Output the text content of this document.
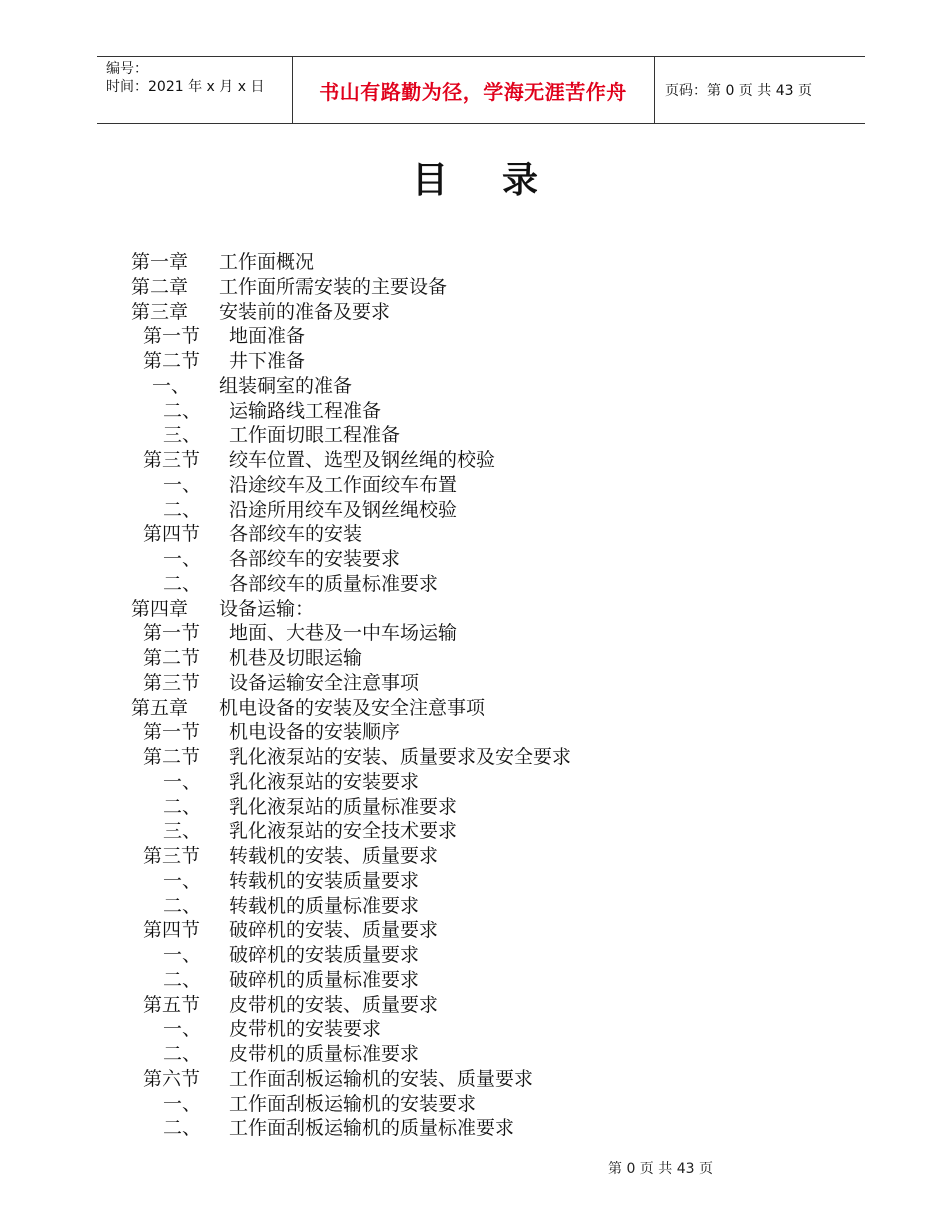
编号：
时间：2021 年 x 月 x 日	书山有路勤为径，学海无涯苦作舟	页码：第 0 页 共 43 页
目录
第一章 工作面概况
第二章 工作面所需安装的主要设备
第三章 安装前的准备及要求
第一节 地面准备
第二节 井下准备
一、 组装硐室的准备
二、 运输路线工程准备
三、 工作面切眼工程准备
第三节 绞车位置、选型及钢丝绳的校验
一、 沿途绞车及工作面绞车布置
二、 沿途所用绞车及钢丝绳校验
第四节 各部绞车的安装
一、 各部绞车的安装要求
二、 各部绞车的质量标准要求
第四章 设备运输：
第一节 地面、大巷及一中车场运输
第二节 机巷及切眼运输
第三节 设备运输安全注意事项
第五章 机电设备的安装及安全注意事项
第一节 机电设备的安装顺序
第二节 乳化液泵站的安装、质量要求及安全要求
一、 乳化液泵站的安装要求
二、 乳化液泵站的质量标准要求
三、 乳化液泵站的安全技术要求
第三节 转载机的安装、质量要求
一、 转载机的安装质量要求
二、 转载机的质量标准要求
第四节 破碎机的安装、质量要求
一、 破碎机的安装质量要求
二、 破碎机的质量标准要求
第五节 皮带机的安装、质量要求
一、 皮带机的安装要求
二、 皮带机的质量标准要求
第六节 工作面刮板运输机的安装、质量要求
一、 工作面刮板运输机的安装要求
二、 工作面刮板运输机的质量标准要求
第 0 页 共 43 页
